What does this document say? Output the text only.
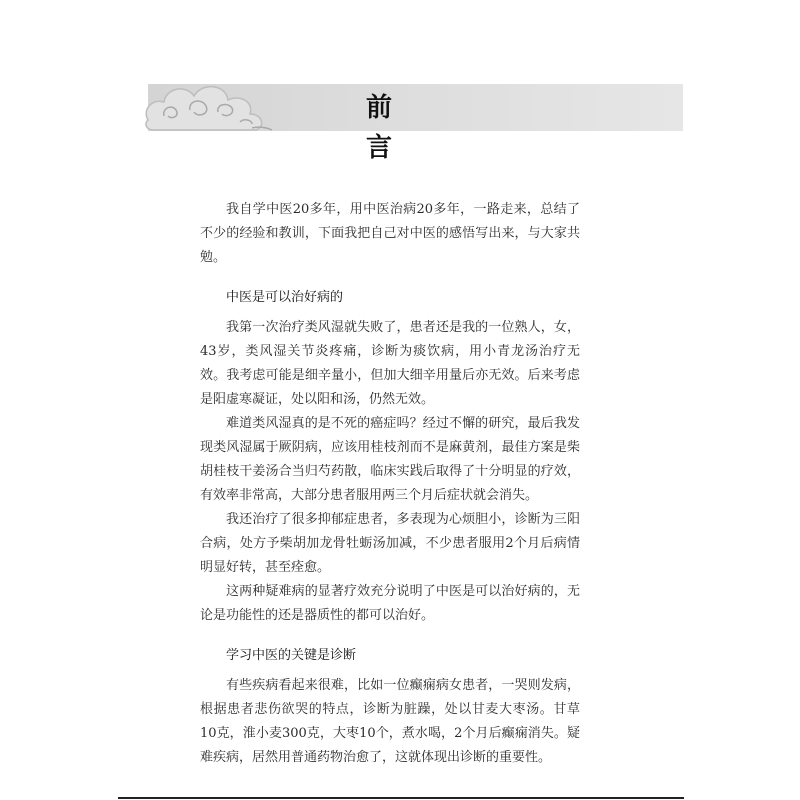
前 言

我自学中医20多年，用中医治病20多年，一路走来，总结了不少的经验和教训，下面我把自己对中医的感悟写出来，与大家共勉。

中医是可以治好病的

我第一次治疗类风湿就失败了，患者还是我的一位熟人，女，43岁，类风湿关节炎疼痛，诊断为痰饮病，用小青龙汤治疗无效。我考虑可能是细辛量小，但加大细辛用量后亦无效。后来考虑是阳虚寒凝证，处以阳和汤，仍然无效。

难道类风湿真的是不死的癌症吗？经过不懈的研究，最后我发现类风湿属于厥阴病，应该用桂枝剂而不是麻黄剂，最佳方案是柴胡桂枝干姜汤合当归芍药散，临床实践后取得了十分明显的疗效，有效率非常高，大部分患者服用两三个月后症状就会消失。

我还治疗了很多抑郁症患者，多表现为心烦胆小，诊断为三阳合病，处方予柴胡加龙骨牡蛎汤加减，不少患者服用2个月后病情明显好转，甚至痊愈。

这两种疑难病的显著疗效充分说明了中医是可以治好病的，无论是功能性的还是器质性的都可以治好。

学习中医的关键是诊断

有些疾病看起来很难，比如一位癫痫病女患者，一哭则发病，根据患者悲伤欲哭的特点，诊断为脏躁，处以甘麦大枣汤。甘草10克，淮小麦300克，大枣10个，煮水喝，2个月后癫痫消失。疑难疾病，居然用普通药物治愈了，这就体现出诊断的重要性。
